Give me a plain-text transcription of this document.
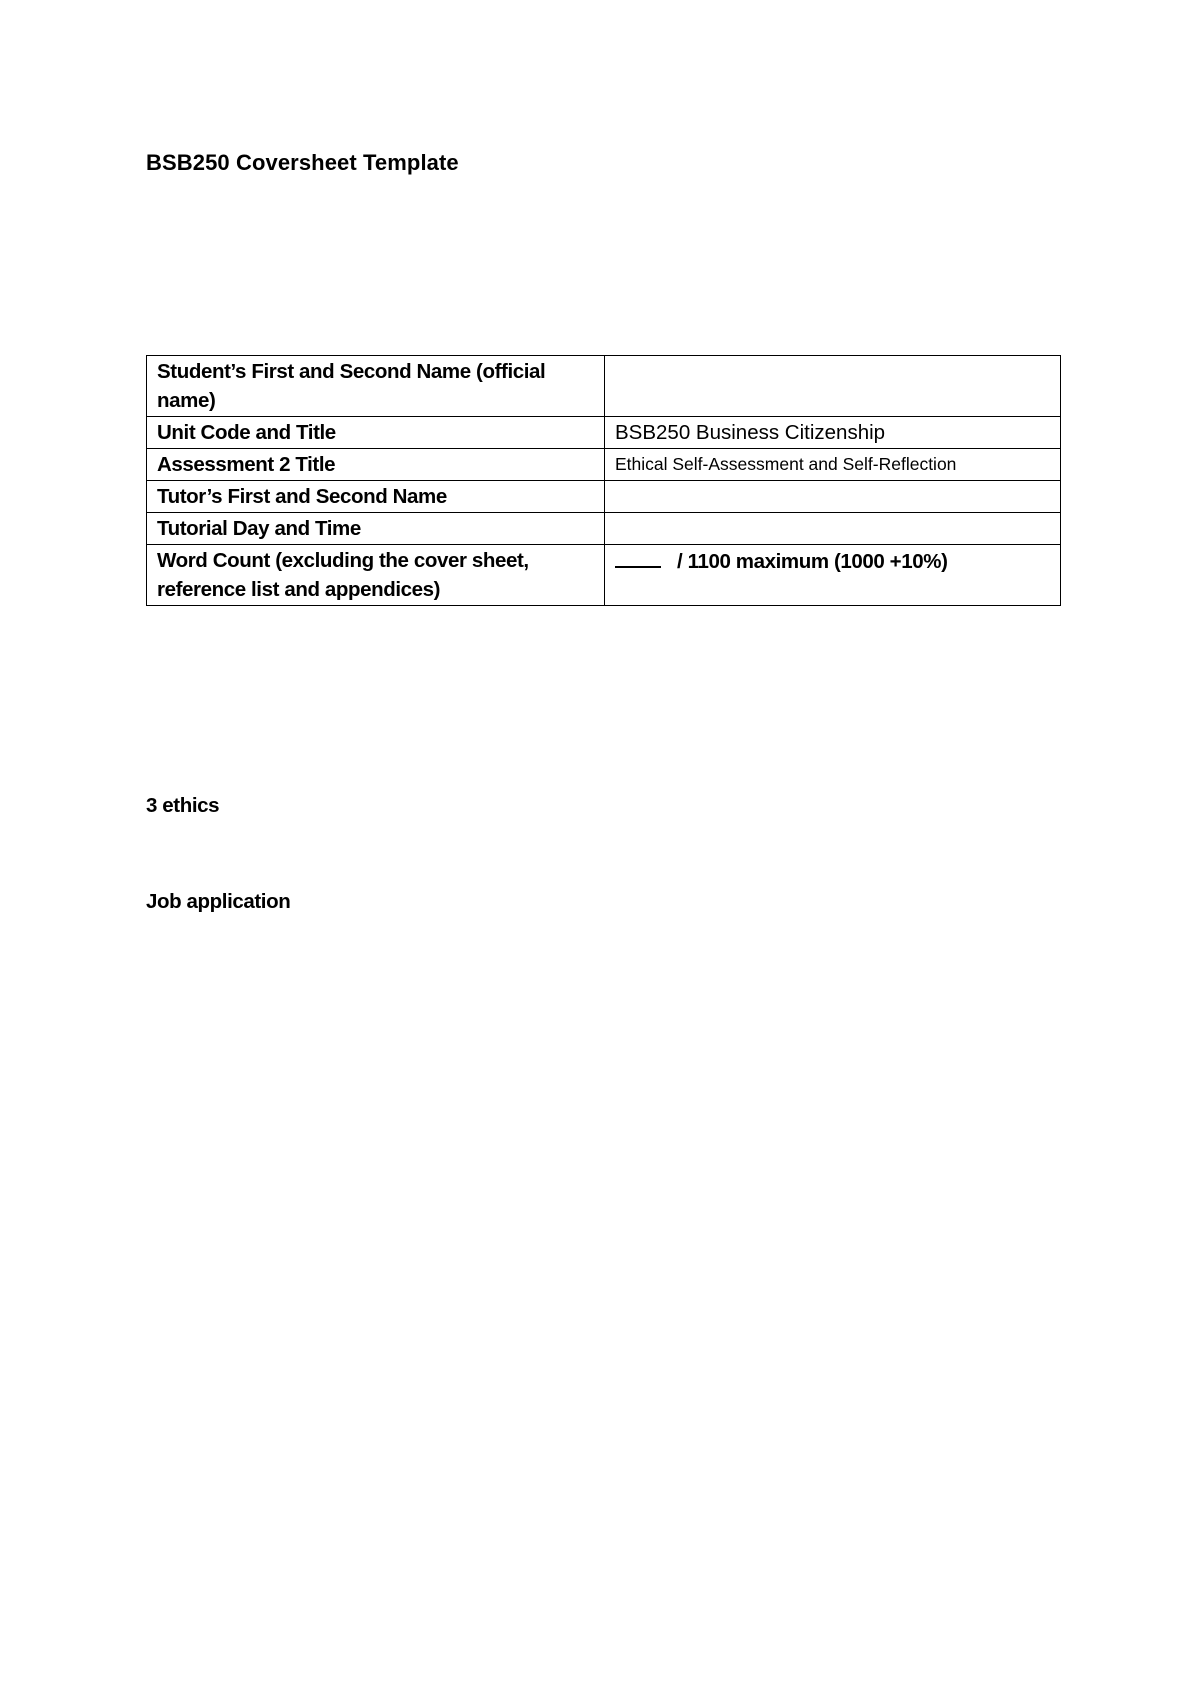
BSB250 Coversheet Template
Student’s First and Second Name (official name)	
Unit Code and Title	BSB250 Business Citizenship
Assessment 2 Title	Ethical Self-Assessment and Self-Reflection
Tutor’s First and Second Name	
Tutorial Day and Time	
Word Count (excluding the cover sheet, reference list and appendices)	/ 1100 maximum (1000 +10%)
3 ethics
Job application
